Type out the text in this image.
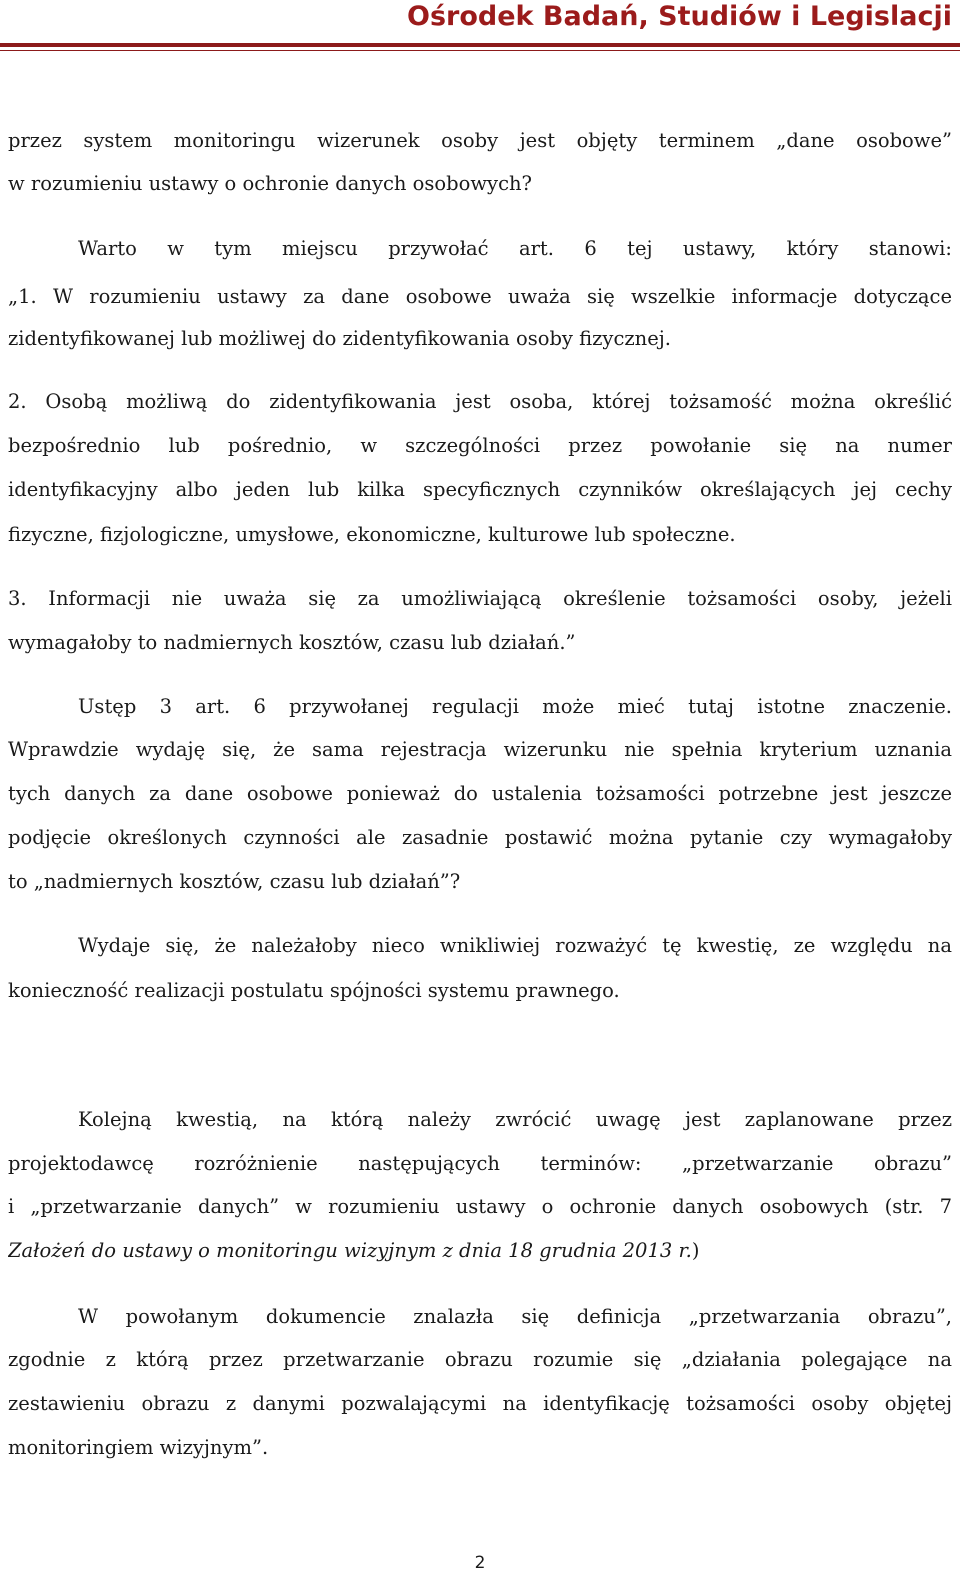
Ośrodek Badań, Studiów i Legislacji
przez system monitoringu wizerunek osoby jest objęty terminem „dane osobowe”
w rozumieniu ustawy o ochronie danych osobowych?
Warto w tym miejscu przywołać art. 6 tej ustawy, który stanowi:
„1. W rozumieniu ustawy za dane osobowe uważa się wszelkie informacje dotyczące
zidentyfikowanej lub możliwej do zidentyfikowania osoby fizycznej.
2. Osobą możliwą do zidentyfikowania jest osoba, której tożsamość można określić
bezpośrednio lub pośrednio, w szczególności przez powołanie się na numer
identyfikacyjny albo jeden lub kilka specyficznych czynników określających jej cechy
fizyczne, fizjologiczne, umysłowe, ekonomiczne, kulturowe lub społeczne.
3. Informacji nie uważa się za umożliwiającą określenie tożsamości osoby, jeżeli
wymagałoby to nadmiernych kosztów, czasu lub działań.”
Ustęp 3 art. 6 przywołanej regulacji może mieć tutaj istotne znaczenie.
Wprawdzie wydaję się, że sama rejestracja wizerunku nie spełnia kryterium uznania
tych danych za dane osobowe ponieważ do ustalenia tożsamości potrzebne jest jeszcze
podjęcie określonych czynności ale zasadnie postawić można pytanie czy wymagałoby
to „nadmiernych kosztów, czasu lub działań”?
Wydaje się, że należałoby nieco wnikliwiej rozważyć tę kwestię, ze względu na
konieczność realizacji postulatu spójności systemu prawnego.
Kolejną kwestią, na którą należy zwrócić uwagę jest zaplanowane przez
projektodawcę rozróżnienie następujących terminów: „przetwarzanie obrazu”
i „przetwarzanie danych” w rozumieniu ustawy o ochronie danych osobowych (str. 7
Założeń do ustawy o monitoringu wizyjnym z dnia 18 grudnia 2013 r.)
W powołanym dokumencie znalazła się definicja „przetwarzania obrazu”,
zgodnie z którą przez przetwarzanie obrazu rozumie się „działania polegające na
zestawieniu obrazu z danymi pozwalającymi na identyfikację tożsamości osoby objętej
monitoringiem wizyjnym”.
2
